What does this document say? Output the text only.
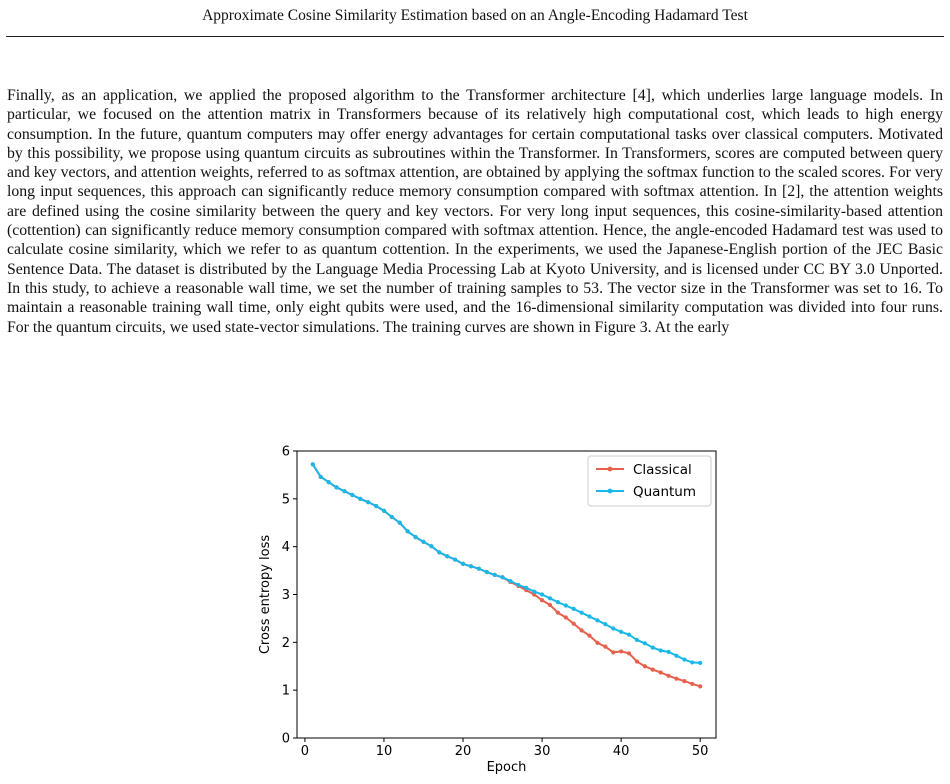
Approximate Cosine Similarity Estimation based on an Angle-Encoding Hadamard Test

Finally, as an application, we applied the proposed algorithm to the Transformer architecture [4], which underlies large language models. In particular, we focused on the attention matrix in Transformers because of its relatively high computational cost, which leads to high energy consumption. In the future, quantum computers may offer energy advantages for certain computational tasks over classical computers. Motivated by this possibility, we propose using quantum circuits as subroutines within the Transformer. In Transformers, scores are computed between query and key vectors, and attention weights, referred to as softmax attention, are obtained by applying the softmax function to the scaled scores. For very long input sequences, this approach can significantly reduce memory consumption compared with softmax attention. In [2], the attention weights are defined using the cosine similarity between the query and key vectors. For very long input sequences, this cosine-similarity-based attention (cottention) can significantly reduce memory consumption compared with softmax attention. Hence, the angle-encoded Hadamard test was used to calculate cosine similarity, which we refer to as quantum cottention. In the experiments, we used the Japanese-English portion of the JEC Basic Sentence Data. The dataset is distributed by the Language Media Processing Lab at Kyoto University, and is licensed under CC BY 3.0 Unported. In this study, to achieve a reasonable wall time, we set the number of training samples to 53. The vector size in the Transformer was set to 16. To maintain a reasonable training wall time, only eight qubits were used, and the 16-dimensional similarity computation was divided into four runs. For the quantum circuits, we used state-vector simulations. The training curves are shown in Figure 3. At the early

0	10	20	30	40	50
0
1
2
3
4
5
6
Epoch
Cross entropy loss
Classical
Quantum
